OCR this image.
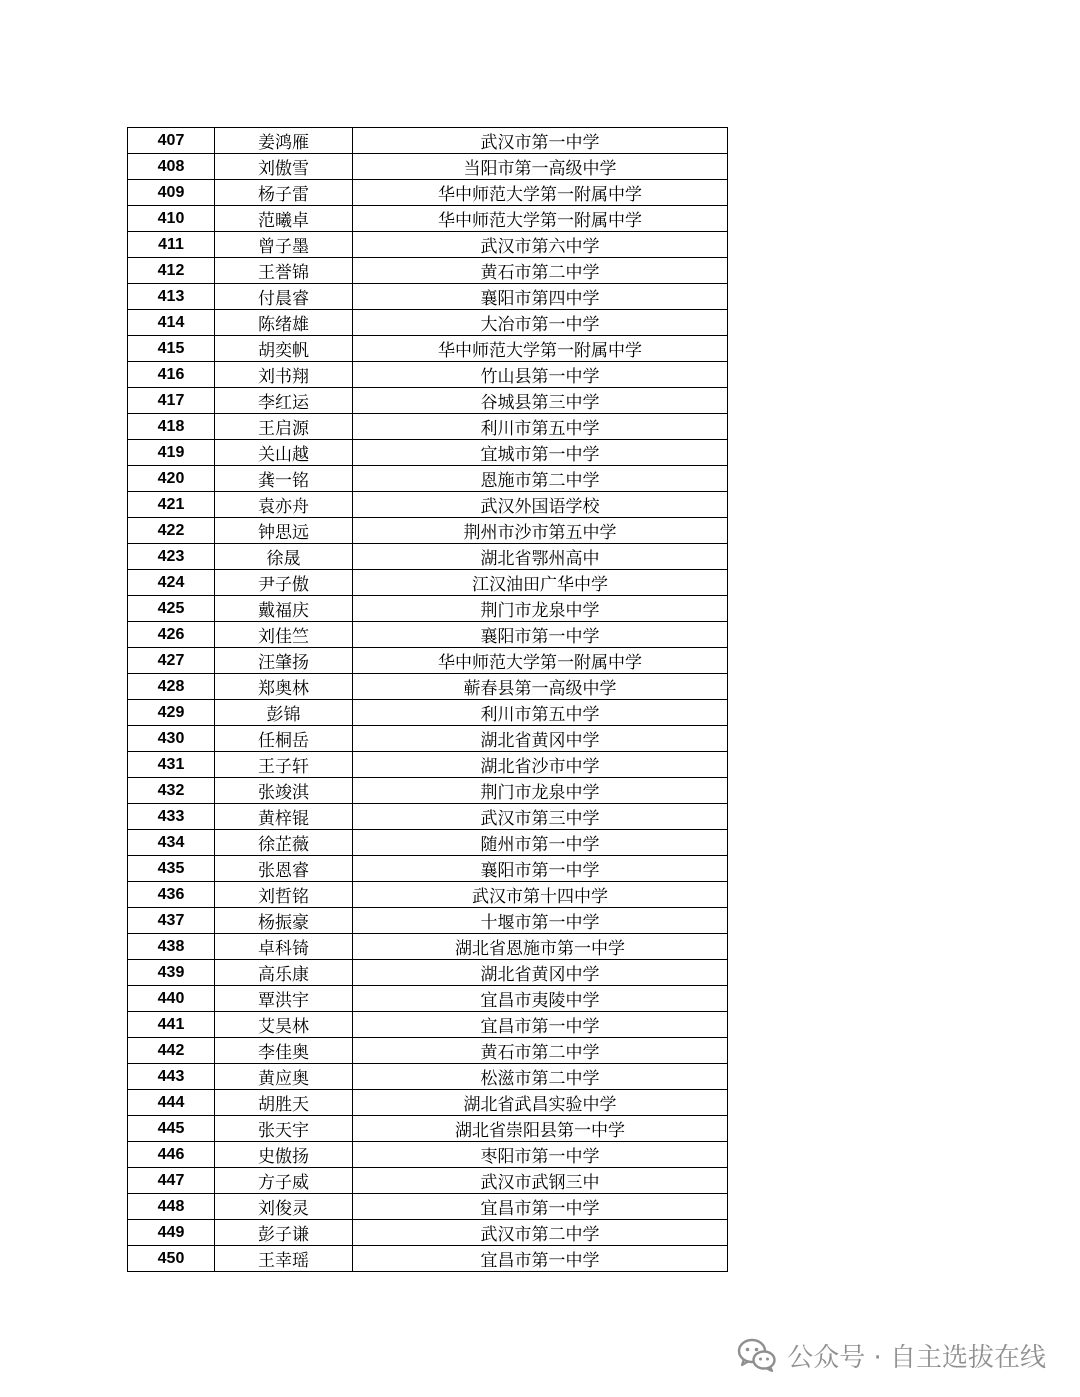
407	姜鸿雁	武汉市第一中学
408	刘傲雪	当阳市第一高级中学
409	杨子雷	华中师范大学第一附属中学
410	范曦卓	华中师范大学第一附属中学
411	曾子墨	武汉市第六中学
412	王誉锦	黄石市第二中学
413	付晨睿	襄阳市第四中学
414	陈绪雄	大冶市第一中学
415	胡奕帆	华中师范大学第一附属中学
416	刘书翔	竹山县第一中学
417	李红运	谷城县第三中学
418	王启源	利川市第五中学
419	关山越	宜城市第一中学
420	龚一铭	恩施市第二中学
421	袁亦舟	武汉外国语学校
422	钟思远	荆州市沙市第五中学
423	徐晟	湖北省鄂州高中
424	尹子傲	江汉油田广华中学
425	戴福庆	荆门市龙泉中学
426	刘佳竺	襄阳市第一中学
427	汪肇扬	华中师范大学第一附属中学
428	郑奥林	蕲春县第一高级中学
429	彭锦	利川市第五中学
430	任桐岳	湖北省黄冈中学
431	王子轩	湖北省沙市中学
432	张竣淇	荆门市龙泉中学
433	黄梓锟	武汉市第三中学
434	徐芷薇	随州市第一中学
435	张恩睿	襄阳市第一中学
436	刘哲铭	武汉市第十四中学
437	杨振豪	十堰市第一中学
438	卓科锜	湖北省恩施市第一中学
439	高乐康	湖北省黄冈中学
440	覃洪宇	宜昌市夷陵中学
441	艾昊林	宜昌市第一中学
442	李佳奥	黄石市第二中学
443	黄应奥	松滋市第二中学
444	胡胜天	湖北省武昌实验中学
445	张天宇	湖北省崇阳县第一中学
446	史傲扬	枣阳市第一中学
447	方子威	武汉市武钢三中
448	刘俊灵	宜昌市第一中学
449	彭子谦	武汉市第二中学
450	王幸瑶	宜昌市第一中学
公众号 · 自主选拔在线
